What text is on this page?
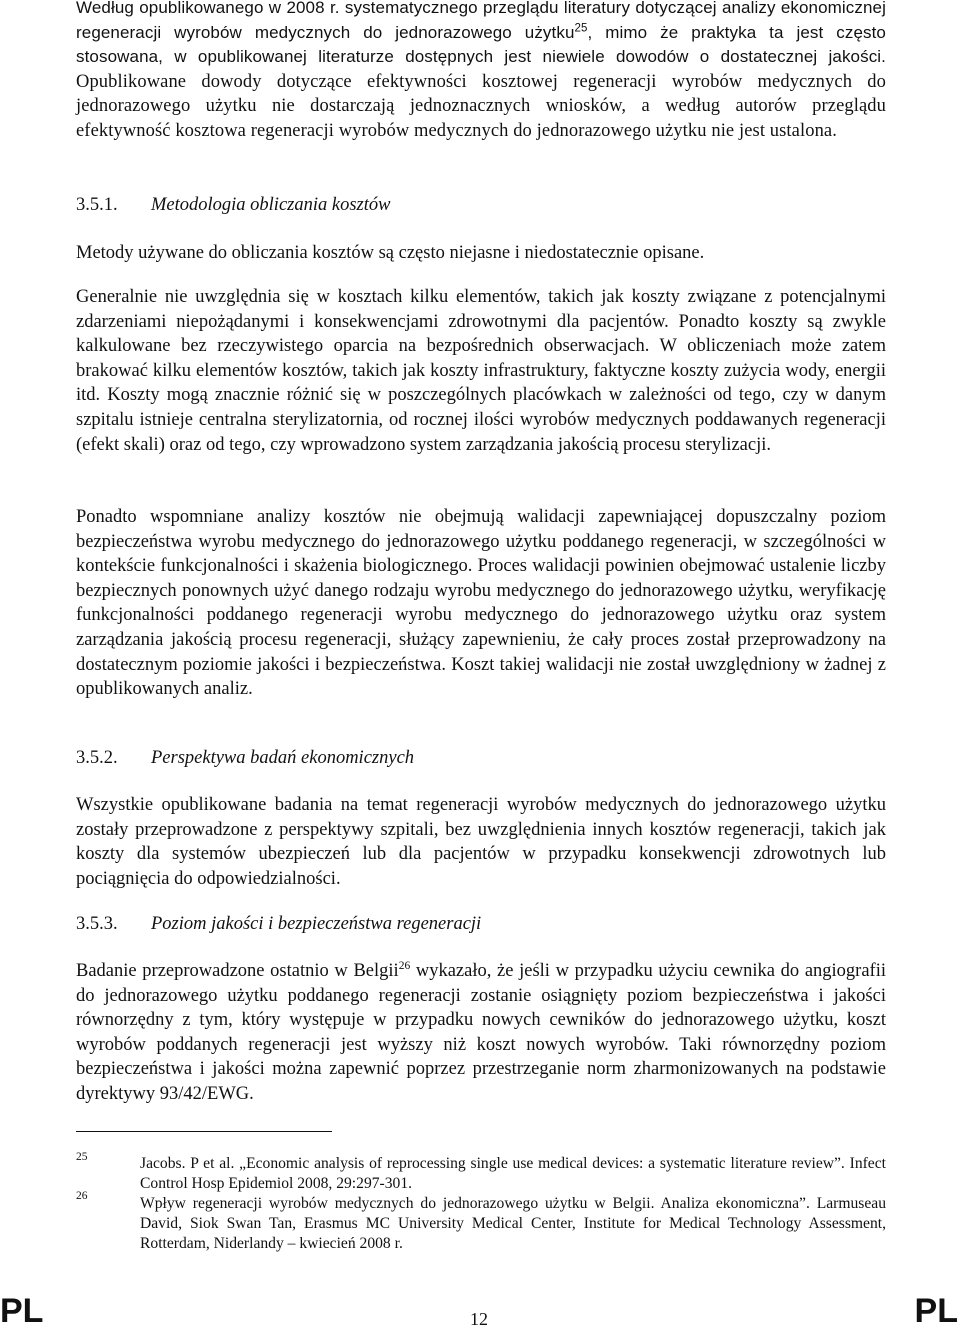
Według opublikowanego w 2008 r. systematycznego przeglądu literatury dotyczącej analizy ekonomicznej regeneracji wyrobów medycznych do jednorazowego użytku$^{25}$, mimo że praktyka ta jest często stosowana, w opublikowanej literaturze dostępnych jest niewiele dowodów o dostatecznej jakości. Opublikowane dowody dotyczące efektywności kosztowej regeneracji wyrobów medycznych do jednorazowego użytku nie dostarczają jednoznacznych wniosków, a według autorów przeglądu efektywność kosztowa regeneracji wyrobów medycznych do jednorazowego użytku nie jest ustalona.

3.5.1. Metodologia obliczania kosztów

Metody używane do obliczania kosztów są często niejasne i niedostatecznie opisane.

Generalnie nie uwzględnia się w kosztach kilku elementów, takich jak koszty związane z potencjalnymi zdarzeniami niepożądanymi i konsekwencjami zdrowotnymi dla pacjentów. Ponadto koszty są zwykle kalkulowane bez rzeczywistego oparcia na bezpośrednich obserwacjach. W obliczeniach może zatem brakować kilku elementów kosztów, takich jak koszty infrastruktury, faktyczne koszty zużycia wody, energii itd. Koszty mogą znacznie różnić się w poszczególnych placówkach w zależności od tego, czy w danym szpitalu istnieje centralna sterylizatornia, od rocznej ilości wyrobów medycznych poddawanych regeneracji (efekt skali) oraz od tego, czy wprowadzono system zarządzania jakością procesu sterylizacji.

Ponadto wspomniane analizy kosztów nie obejmują walidacji zapewniającej dopuszczalny poziom bezpieczeństwa wyrobu medycznego do jednorazowego użytku poddanego regeneracji, w szczególności w kontekście funkcjonalności i skażenia biologicznego. Proces walidacji powinien obejmować ustalenie liczby bezpiecznych ponownych użyć danego rodzaju wyrobu medycznego do jednorazowego użytku, weryfikację funkcjonalności poddanego regeneracji wyrobu medycznego do jednorazowego użytku oraz system zarządzania jakością procesu regeneracji, służący zapewnieniu, że cały proces został przeprowadzony na dostatecznym poziomie jakości i bezpieczeństwa. Koszt takiej walidacji nie został uwzględniony w żadnej z opublikowanych analiz.

3.5.2. Perspektywa badań ekonomicznych

Wszystkie opublikowane badania na temat regeneracji wyrobów medycznych do jednorazowego użytku zostały przeprowadzone z perspektywy szpitali, bez uwzględnienia innych kosztów regeneracji, takich jak koszty dla systemów ubezpieczeń lub dla pacjentów w przypadku konsekwencji zdrowotnych lub pociągnięcia do odpowiedzialności.

3.5.3. Poziom jakości i bezpieczeństwa regeneracji

Badanie przeprowadzone ostatnio w Belgii$^{26}$ wykazało, że jeśli w przypadku użyciu cewnika do angiografii do jednorazowego użytku poddanego regeneracji zostanie osiągnięty poziom bezpieczeństwa i jakości równorzędny z tym, który występuje w przypadku nowych cewników do jednorazowego użytku, koszt wyrobów poddanych regeneracji jest wyższy niż koszt nowych wyrobów. Taki równorzędny poziom bezpieczeństwa i jakości można zapewnić poprzez przestrzeganie norm zharmonizowanych na podstawie dyrektywy 93/42/EWG.

25	Jacobs. P et al. „Economic analysis of reprocessing single use medical devices: a systematic literature review”. Infect Control Hosp Epidemiol 2008, 29:297-301.

26	Wpływ regeneracji wyrobów medycznych do jednorazowego użytku w Belgii. Analiza ekonomiczna”. Larmuseau David, Siok Swan Tan, Erasmus MC University Medical Center, Institute for Medical Technology Assessment, Rotterdam, Niderlandy – kwiecień 2008 r.

PL	12	PL
